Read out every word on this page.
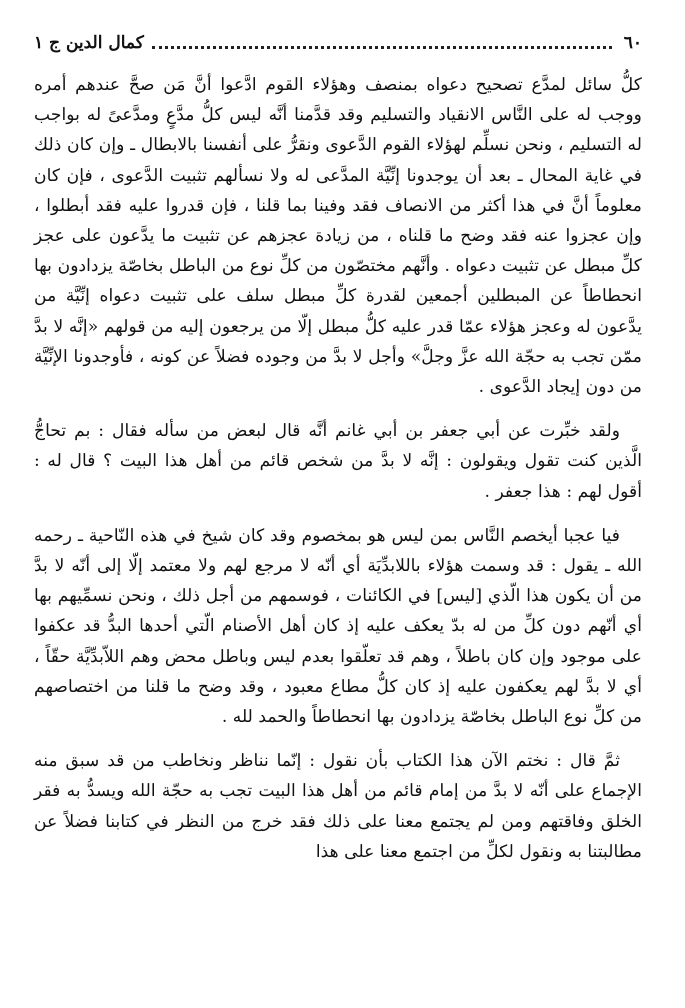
٦٠
كمال الدين ج ١

كلُّ سائل لمدَّع تصحيح دعواه بمنصف وهؤلاء القوم ادَّعوا أنَّ مَن صحَّ عندهم أمره ووجب له على النَّاس الانقياد والتسليم وقد قدَّمنا أنَّه ليس كلُّ مدَّعٍ ومدَّعىً له بواجب له التسليم ، ونحن نسلِّم لهؤلاء القوم الدَّعوى ونقرُّ على أنفسنا بالابطال ـ وإن كان ذلك في غاية المحال ـ بعد أن يوجدونا إنِّيَّة المدَّعى له ولا نسألهم تثبيت الدَّعوى ، فإن كان معلوماً أنَّ في هذا أكثر من الانصاف فقد وفينا بما قلنا ، فإن قدروا عليه فقد أبطلوا ، وإن عجزوا عنه فقد وضح ما قلناه ، من زيادة عجزهم عن تثبيت ما يدَّعون على عجز كلِّ مبطل عن تثبيت دعواه . وأنَّهم مختصّون من كلِّ نوع من الباطل بخاصّة يزدادون بها انحطاطاً عن المبطلين أجمعين لقدرة كلِّ مبطل سلف على تثبيت دعواه إنِّيَّة من يدَّعون له وعجز هؤلاء عمّا قدر عليه كلُّ مبطل إلّا من يرجعون إليه من قولهم «إنَّه لا بدَّ ممّن تجب به حجّة الله عزَّ وجلَّ» وأجل لا بدَّ من وجوده فضلاً عن كونه ، فأوجدونا الإنِّيَّة من دون إيجاد الدَّعوى .

ولقد خبِّرت عن أبي جعفر بن أبي غانم أنَّه قال لبعض من سأله فقال : بم تحاجُّ الَّذين كنت تقول ويقولون : إنَّه لا بدَّ من شخص قائم من أهل هذا البيت ؟ قال له : أقول لهم : هذا جعفر .

فيا عجبا أيخصم النَّاس بمن ليس هو بمخصوم وقد كان شيخ في هذه النّاحية ـ رحمه الله ـ يقول : قد وسمت هؤلاء باللابدِّيَة أي أنّه لا مرجع لهم ولا معتمد إلّا إلى أنّه لا بدَّ من أن يكون هذا الّذي [ليس] في الكائنات ، فوسمهم من أجل ذلك ، ونحن نسمِّيهم بها أي أنّهم دون كلِّ من له بدّ يعكف عليه إذ كان أهل الأصنام الّتي أحدها البدُّ قد عكفوا على موجود وإن كان باطلاً ، وهم قد تعلّقوا بعدم ليس وباطل محض وهم اللاّبدِّيَّة حقّاً ، أي لا بدَّ لهم يعكفون عليه إذ كان كلُّ مطاع معبود ، وقد وضح ما قلنا من اختصاصهم من كلِّ نوع الباطل بخاصّة يزدادون بها انحطاطاً والحمد لله .

ثمَّ قال : نختم الآن هذا الكتاب بأن نقول : إنّما نناظر ونخاطب من قد سبق منه الإجماع على أنّه لا بدَّ من إمام قائم من أهل هذا البيت تجب به حجّة الله ويسدُّ به فقر الخلق وفاقتهم ومن لم يجتمع معنا على ذلك فقد خرج من النظر في كتابنا فضلاً عن مطالبتنا به ونقول لكلِّ من اجتمع معنا على هذا
